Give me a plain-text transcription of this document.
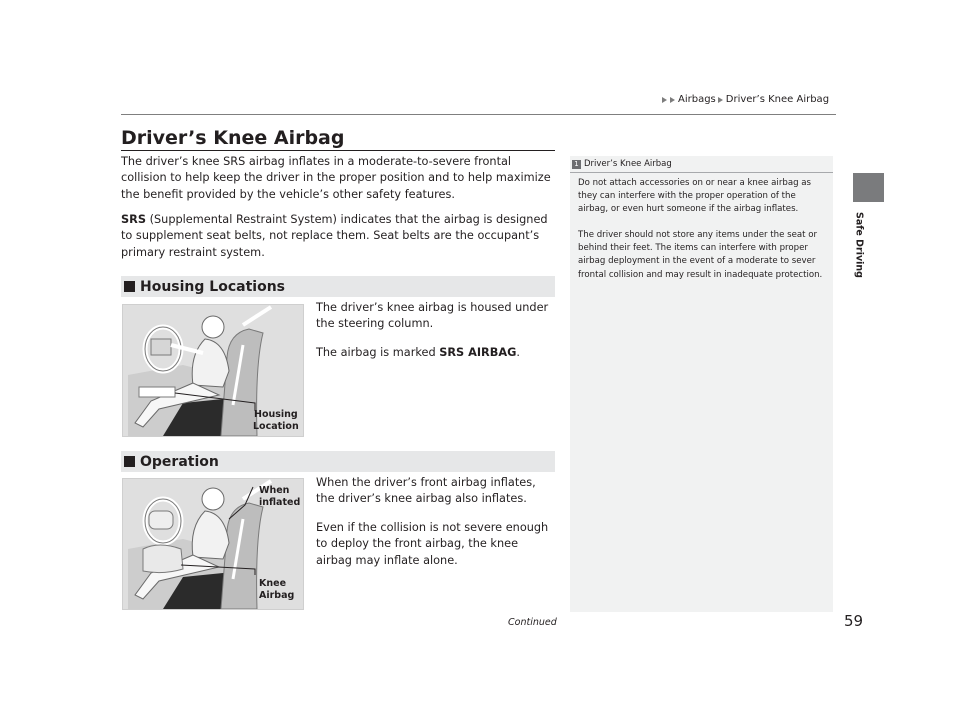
Airbags Driver’s Knee Airbag
Safe Driving
Driver’s Knee Airbag
The driver’s knee SRS airbag inflates in a moderate-to-severe frontal collision to help keep the driver in the proper position and to help maximize the benefit provided by the vehicle’s other safety features.
SRS (Supplemental Restraint System) indicates that the airbag is designed to supplement seat belts, not replace them. Seat belts are the occupant’s primary restraint system.
Housing Locations
Housing
Location
The driver’s knee airbag is housed under the steering column.
The airbag is marked SRS AIRBAG.
Operation
When
inflated
Knee
Airbag
When the driver’s front airbag inflates, the driver’s knee airbag also inflates.
Even if the collision is not severe enough to deploy the front airbag, the knee airbag may inflate alone.
1 Driver’s Knee Airbag

Do not attach accessories on or near a knee airbag as they can interfere with the proper operation of the airbag, or even hurt someone if the airbag inflates.

The driver should not store any items under the seat or behind their feet. The items can interfere with proper airbag deployment in the event of a moderate to sever frontal collision and may result in inadequate protection.

Continued	59
